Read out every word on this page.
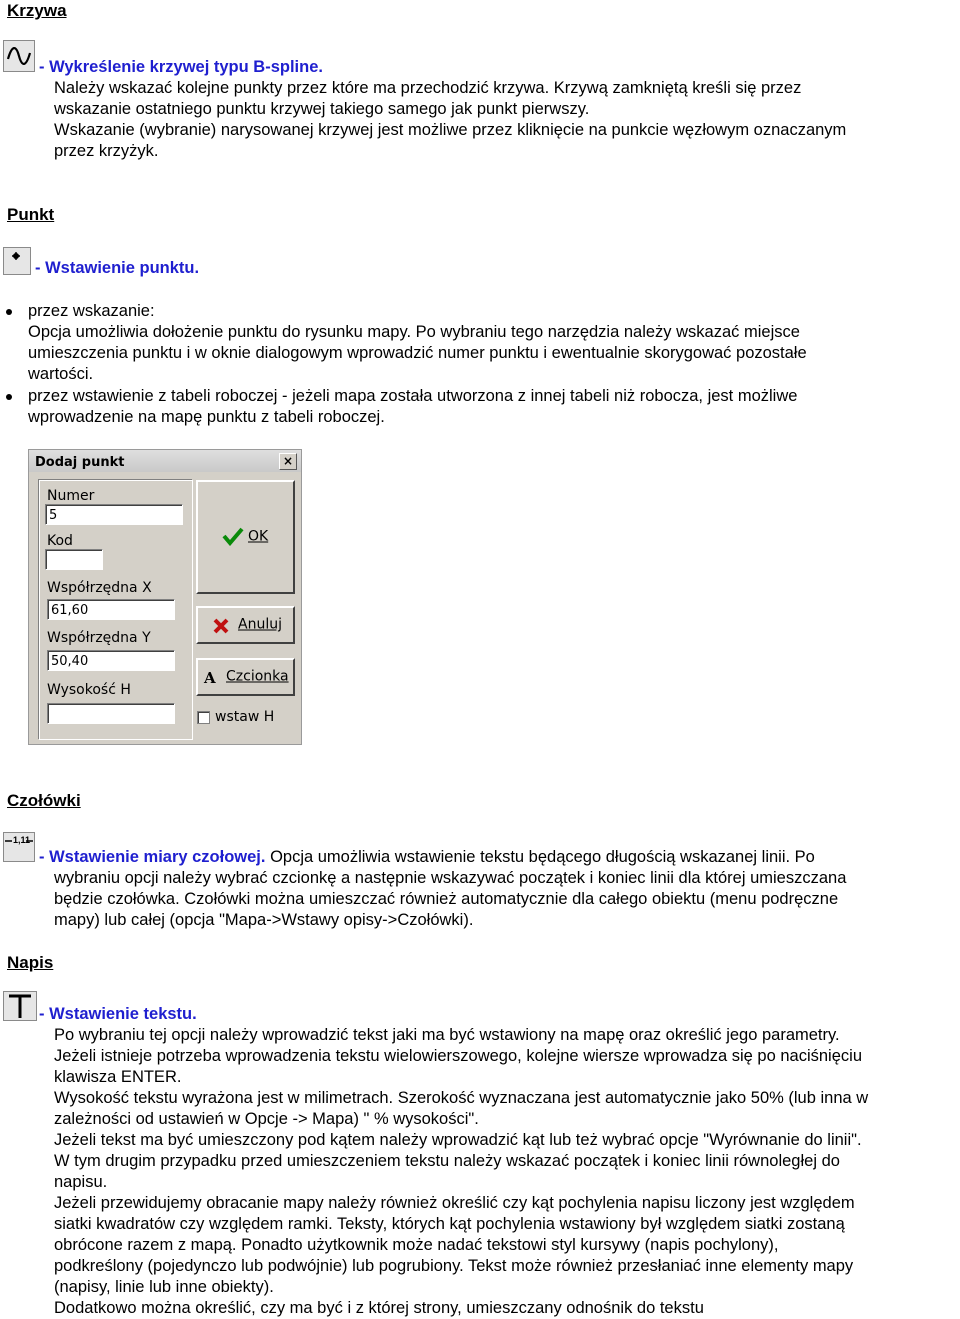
Krzywa
- Wykreślenie krzywej typu B-spline.
Należy wskazać kolejne punkty przez które ma przechodzić krzywa. Krzywą zamkniętą kreśli się przez
wskazanie ostatniego punktu krzywej takiego samego jak punkt pierwszy.
Wskazanie (wybranie) narysowanej krzywej jest możliwe przez kliknięcie na punkcie węzłowym oznaczanym
przez krzyżyk.
Punkt
- Wstawienie punktu.
przez wskazanie:
Opcja umożliwia dołożenie punktu do rysunku mapy. Po wybraniu tego narzędzia należy wskazać miejsce
umieszczenia punktu i w oknie dialogowym wprowadzić numer punktu i ewentualnie skorygować pozostałe
wartości.
przez wstawienie z tabeli roboczej - jeżeli mapa została utworzona z innej tabeli niż robocza, jest możliwe
wprowadzenie na mapę punktu z tabeli roboczej.
Dodaj punkt	×
Numer
5
Kod
Współrzędna X
61,60
Współrzędna Y
50,40
Wysokość H
OK
Anuluj
A Czcionka
wstaw H
Czołówki
1,11
- Wstawienie miary czołowej. Opcja umożliwia wstawienie tekstu będącego długością wskazanej linii. Po
wybraniu opcji należy wybrać czcionkę a następnie wskazywać początek i koniec linii dla której umieszczana
będzie czołówka. Czołówki można umieszczać również automatycznie dla całego obiektu (menu podręczne
mapy) lub całej (opcja "Mapa->Wstawy opisy->Czołówki).
Napis
- Wstawienie tekstu.
Po wybraniu tej opcji należy wprowadzić tekst jaki ma być wstawiony na mapę oraz określić jego parametry.
Jeżeli istnieje potrzeba wprowadzenia tekstu wielowierszowego, kolejne wiersze wprowadza się po naciśnięciu
klawisza ENTER.
Wysokość tekstu wyrażona jest w milimetrach. Szerokość wyznaczana jest automatycznie jako 50% (lub inna w
zależności od ustawień w Opcje -> Mapa) " % wysokości".
Jeżeli tekst ma być umieszczony pod kątem należy wprowadzić kąt lub też wybrać opcje "Wyrównanie do linii".
W tym drugim przypadku przed umieszczeniem tekstu należy wskazać początek i koniec linii równoległej do
napisu.
Jeżeli przewidujemy obracanie mapy należy również określić czy kąt pochylenia napisu liczony jest względem
siatki kwadratów czy względem ramki. Teksty, których kąt pochylenia wstawiony był względem siatki zostaną
obrócone razem z mapą. Ponadto użytkownik może nadać tekstowi styl kursywy (napis pochylony),
podkreślony (pojedynczo lub podwójnie) lub pogrubiony. Tekst może również przesłaniać inne elementy mapy
(napisy, linie lub inne obiekty).
Dodatkowo można określić, czy ma być i z której strony, umieszczany odnośnik do tekstu
